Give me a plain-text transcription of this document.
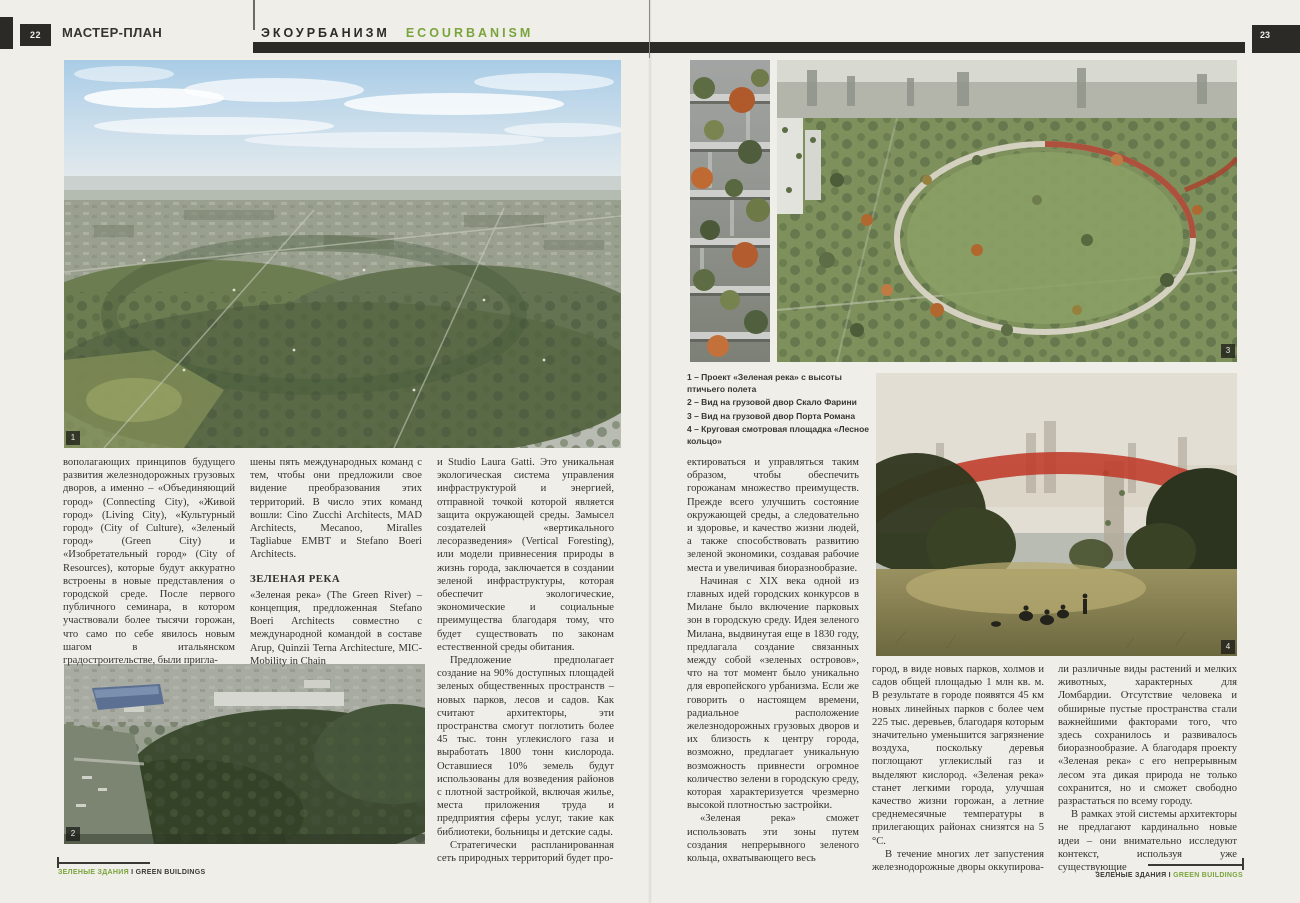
22	МАСТЕР-ПЛАН	ЭКОУРБАНИЗМ ECOURBANISM	23
1
2
3
4
1 – Проект «Зеленая река» с высоты птичьего полета
2 – Вид на грузовой двор Скало Фарини
3 – Вид на грузовой двор Порта Романа
4 – Круговая смотровая площадка «Лесное кольцо»

вополагающих принципов будущего развития железнодорожных грузовых дворов, а именно – «Объединяющий город» (Connecting City), «Живой город» (Living City), «Культурный город» (City of Culture), «Зеленый город» (Green City) и «Изобретательный город» (City of Resources), которые будут аккуратно встроены в новые представления о городской среде. После первого публичного семинара, в котором участвовали более тысячи горожан, что само по себе явилось новым шагом в итальянском градостроительстве, были пригла-

шены пять международных команд с тем, чтобы они предложили свое видение преобразования этих территорий. В число этих команд вошли: Cino Zucchi Architects, MAD Architects, Mecanoo, Miralles Tagliabue EMBT и Stefano Boeri Architects.

ЗЕЛЕНАЯ РЕКА

«Зеленая река» (The Green River) – концепция, предложенная Stefano Boeri Architects совместно с международной командой в составе Arup, Quinzii Terna Architecture, MIC-Mobility in Chain

и Studio Laura Gatti. Это уникальная экологическая система управления инфраструктурой и энергией, отправной точкой которой является защита окружающей среды. Замысел создателей «вертикального лесоразведения» (Vertical Foresting), или модели привнесения природы в жизнь города, заключается в создании зеленой инфраструктуры, которая обеспечит экологические, экономические и социальные преимущества благодаря тому, что будет существовать по законам естественной среды обитания.

Предложение предполагает создание на 90% доступных площадей зеленых общественных пространств – новых парков, лесов и садов. Как считают архитекторы, эти пространства смогут поглотить более 45 тыс. тонн углекислого газа и выработать 1800 тонн кислорода. Оставшиеся 10% земель будут использованы для возведения районов с плотной застройкой, включая жилье, места приложения труда и предприятия сферы услуг, такие как библиотеки, больницы и детские сады.

Стратегически распланированная сеть природных территорий будет про-

ектироваться и управляться таким образом, чтобы обеспечить горожанам множество преимуществ. Прежде всего улучшить состояние окружающей среды, а следовательно и здоровье, и качество жизни людей, а также способствовать развитию зеленой экономики, создавая рабочие места и увеличивая биоразнообразие.

Начиная с XIX века одной из главных идей городских конкурсов в Милане было включение парковых зон в городскую среду. Идея зеленого Милана, выдвинутая еще в 1830 году, предлагала создание связанных между собой «зеленых островов», что на тот момент было уникально для европейского урбанизма. Если же говорить о настоящем времени, радиальное расположение железнодорожных грузовых дворов и их близость к центру города, возможно, предлагает уникальную возможность привнести огромное количество зелени в городскую среду, которая характеризуется чрезмерно высокой плотностью застройки.

«Зеленая река» сможет использовать эти зоны путем создания непрерывного зеленого кольца, охватывающего весь

город, в виде новых парков, холмов и садов общей площадью 1 млн кв. м. В результате в городе появятся 45 км новых линейных парков с более чем 225 тыс. деревьев, благодаря которым значительно уменьшится загрязнение воздуха, поскольку деревья поглощают углекислый газ и выделяют кислород. «Зеленая река» станет легкими города, улучшая качество жизни горожан, а летние среднемесячные температуры в прилегающих районах снизятся на 5 °C.

В течение многих лет запустения железнодорожные дворы оккупирова-

ли различные виды растений и мелких животных, характерных для Ломбардии. Отсутствие человека и обширные пустые пространства стали важнейшими факторами того, что здесь сохранилось и развивалось биоразнообразие. А благодаря проекту «Зеленая река» с его непрерывным лесом эта дикая природа не только сохранится, но и сможет свободно разрастаться по всему городу.

В рамках этой системы архитекторы не предлагают кардинально новые идеи – они внимательно исследуют контекст, используя уже существующие

ЗЕЛЕНЫЕ ЗДАНИЯ I GREEN BUILDINGS	ЗЕЛЕНЫЕ ЗДАНИЯ I GREEN BUILDINGS
